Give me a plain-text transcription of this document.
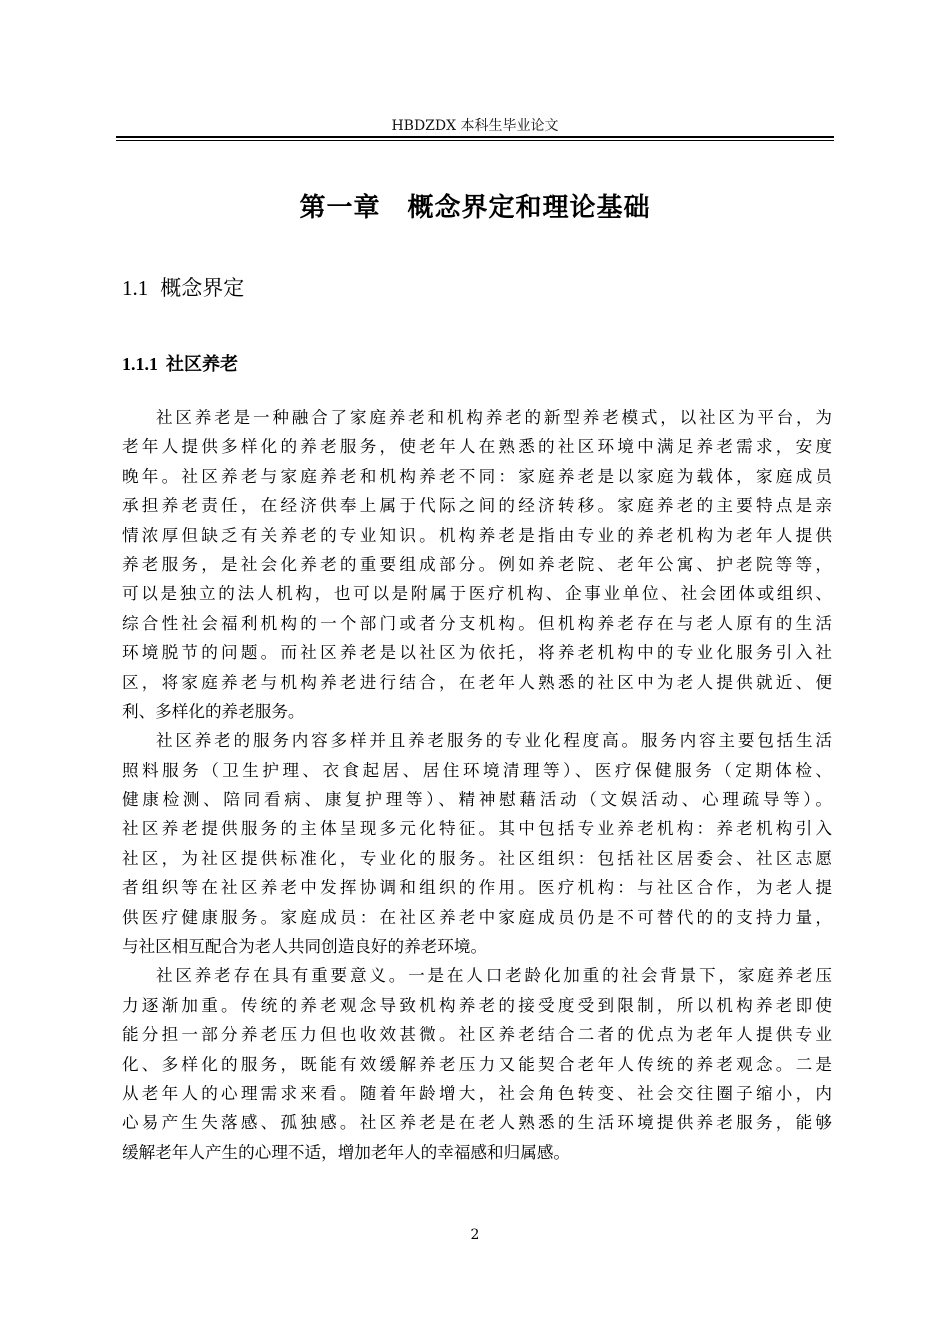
HBDZDX 本科生毕业论文
第一章　概念界定和理论基础
1.1 概念界定
1.1.1 社区养老

社区养老是一种融合了家庭养老和机构养老的新型养老模式，以社区为平台，为
老年人提供多样化的养老服务，使老年人在熟悉的社区环境中满足养老需求，安度
晚年。社区养老与家庭养老和机构养老不同：家庭养老是以家庭为载体，家庭成员
承担养老责任，在经济供奉上属于代际之间的经济转移。家庭养老的主要特点是亲
情浓厚但缺乏有关养老的专业知识。机构养老是指由专业的养老机构为老年人提供
养老服务，是社会化养老的重要组成部分。例如养老院、老年公寓、护老院等等，
可以是独立的法人机构，也可以是附属于医疗机构、企事业单位、社会团体或组织、
综合性社会福利机构的一个部门或者分支机构。但机构养老存在与老人原有的生活
环境脱节的问题。而社区养老是以社区为依托，将养老机构中的专业化服务引入社
区，将家庭养老与机构养老进行结合，在老年人熟悉的社区中为老人提供就近、便
利、多样化的养老服务。

社区养老的服务内容多样并且养老服务的专业化程度高。服务内容主要包括生活
照料服务（卫生护理、衣食起居、居住环境清理等）、医疗保健服务（定期体检、
健康检测、陪同看病、康复护理等）、精神慰藉活动（文娱活动、心理疏导等）。
社区养老提供服务的主体呈现多元化特征。其中包括专业养老机构：养老机构引入
社区，为社区提供标准化，专业化的服务。社区组织：包括社区居委会、社区志愿
者组织等在社区养老中发挥协调和组织的作用。医疗机构：与社区合作，为老人提
供医疗健康服务。家庭成员：在社区养老中家庭成员仍是不可替代的的支持力量，
与社区相互配合为老人共同创造良好的养老环境。

社区养老存在具有重要意义。一是在人口老龄化加重的社会背景下，家庭养老压
力逐渐加重。传统的养老观念导致机构养老的接受度受到限制，所以机构养老即使
能分担一部分养老压力但也收效甚微。社区养老结合二者的优点为老年人提供专业
化、多样化的服务，既能有效缓解养老压力又能契合老年人传统的养老观念。二是
从老年人的心理需求来看。随着年龄增大，社会角色转变、社会交往圈子缩小，内
心易产生失落感、孤独感。社区养老是在老人熟悉的生活环境提供养老服务，能够
缓解老年人产生的心理不适，增加老年人的幸福感和归属感。

2
